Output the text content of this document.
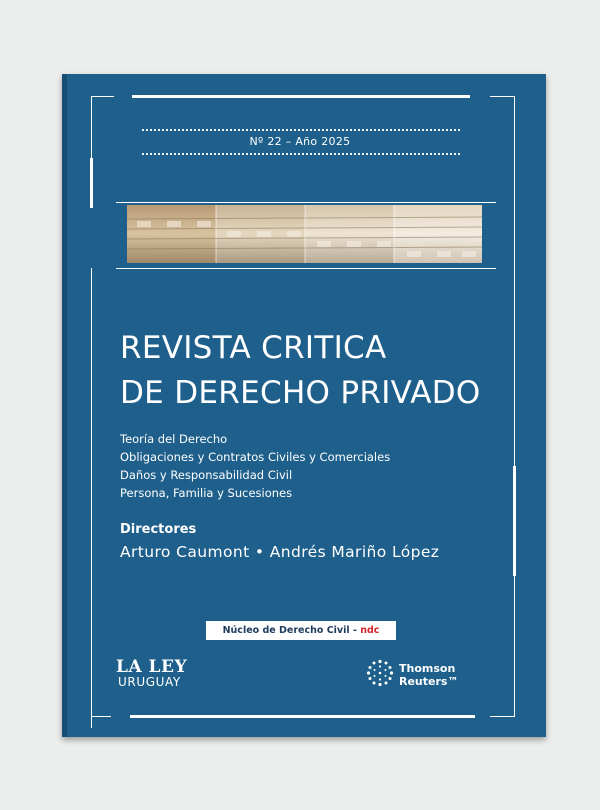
Nº 22 – Año 2025
REVISTA CRITICA
DE DERECHO PRIVADO
Teoría del Derecho
Obligaciones y Contratos Civiles y Comerciales
Daños y Responsabilidad Civil
Persona, Familia y Sucesiones
Directores
Arturo Caumont • Andrés Mariño López
Núcleo de Derecho Civil - ndc
LA LEY
URUGUAY
Thomson
Reuters™
